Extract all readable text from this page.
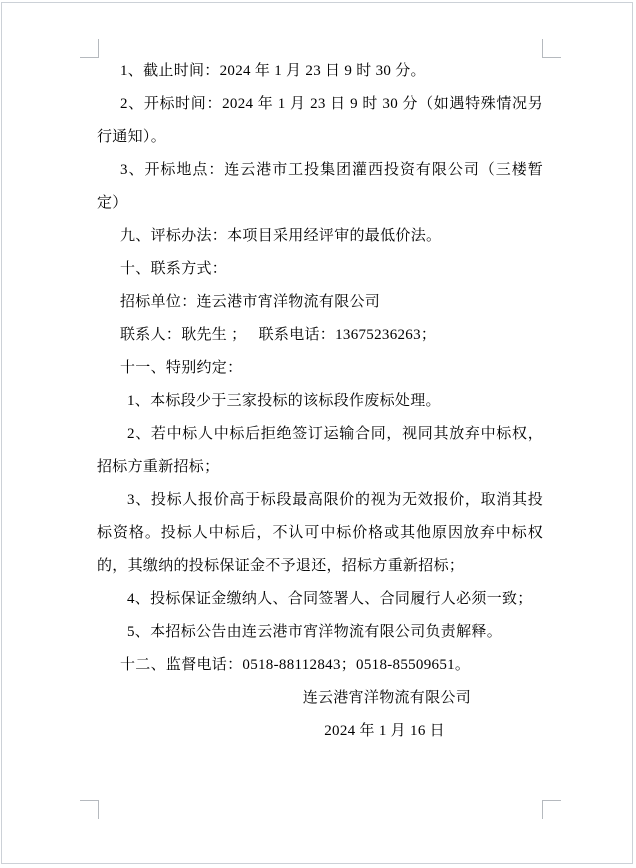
1、截止时间：2024 年 1 月 23 日 9 时 30 分。

2、开标时间：2024 年 1 月 23 日 9 时 30 分（如遇特殊情况另行通知）。

3、开标地点：连云港市工投集团灌西投资有限公司（三楼暂定）

九、评标办法：本项目采用经评审的最低价法。

十、联系方式：

招标单位：连云港市宵洋物流有限公司

联系人：耿先生 ；   联系电话：13675236263；

十一、特别约定：

1、本标段少于三家投标的该标段作废标处理。

2、若中标人中标后拒绝签订运输合同，视同其放弃中标权，招标方重新招标；

3、投标人报价高于标段最高限价的视为无效报价，取消其投标资格。投标人中标后，不认可中标价格或其他原因放弃中标权的，其缴纳的投标保证金不予退还，招标方重新招标；

4、投标保证金缴纳人、合同签署人、合同履行人必须一致；

5、本招标公告由连云港市宵洋物流有限公司负责解释。

十二、监督电话：0518-88112843；0518-85509651。

连云港宵洋物流有限公司

2024 年 1 月 16 日
